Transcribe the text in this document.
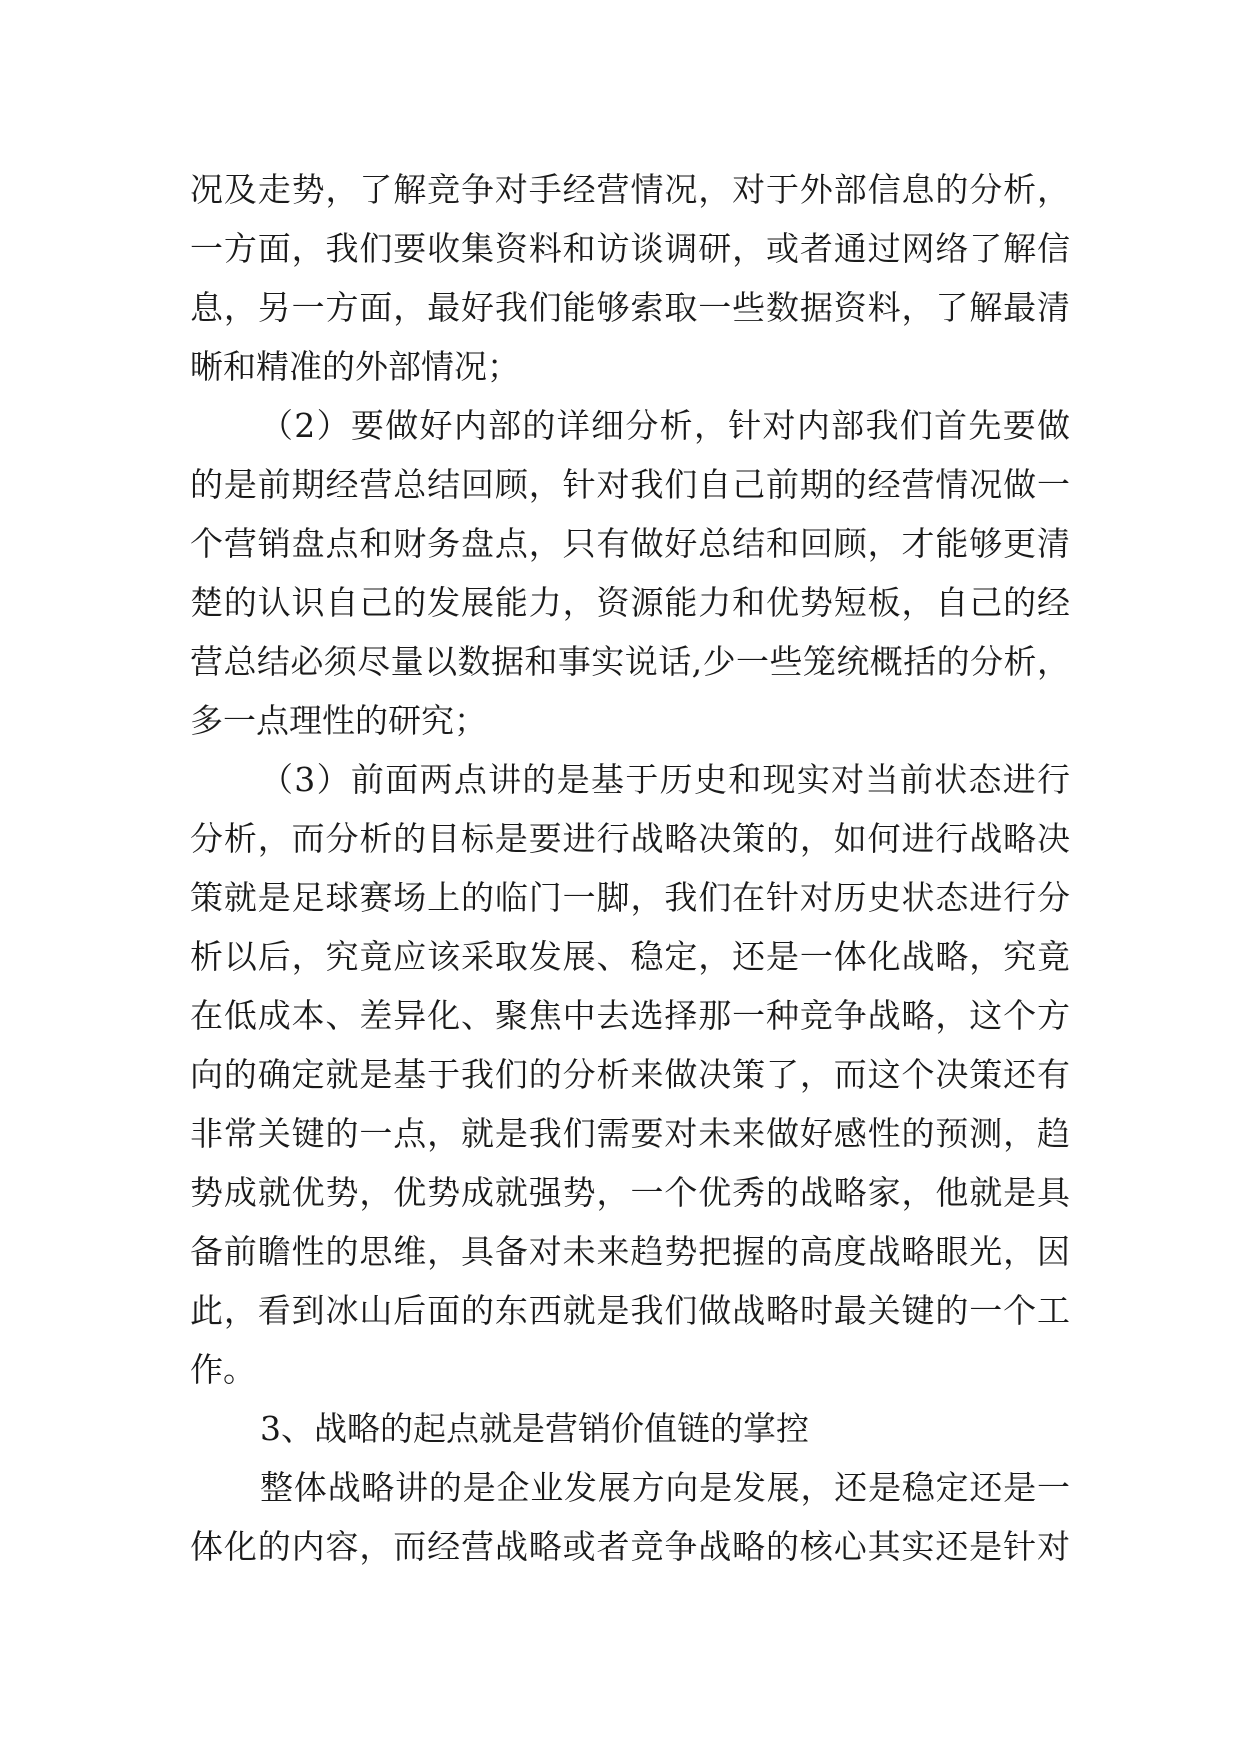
况及走势，了解竞争对手经营情况，对于外部信息的分析，
一方面，我们要收集资料和访谈调研，或者通过网络了解信
息，另一方面，最好我们能够索取一些数据资料，了解最清
晰和精准的外部情况；
（2）要做好内部的详细分析，针对内部我们首先要做
的是前期经营总结回顾，针对我们自己前期的经营情况做一
个营销盘点和财务盘点，只有做好总结和回顾，才能够更清
楚的认识自己的发展能力，资源能力和优势短板，自己的经
营总结必须尽量以数据和事实说话,少一些笼统概括的分析，
多一点理性的研究；
（3）前面两点讲的是基于历史和现实对当前状态进行
分析，而分析的目标是要进行战略决策的，如何进行战略决
策就是足球赛场上的临门一脚，我们在针对历史状态进行分
析以后，究竟应该采取发展、稳定，还是一体化战略，究竟
在低成本、差异化、聚焦中去选择那一种竞争战略，这个方
向的确定就是基于我们的分析来做决策了，而这个决策还有
非常关键的一点，就是我们需要对未来做好感性的预测，趋
势成就优势，优势成就强势，一个优秀的战略家，他就是具
备前瞻性的思维，具备对未来趋势把握的高度战略眼光，因
此，看到冰山后面的东西就是我们做战略时最关键的一个工
作。
3、战略的起点就是营销价值链的掌控
整体战略讲的是企业发展方向是发展，还是稳定还是一
体化的内容，而经营战略或者竞争战略的核心其实还是针对
